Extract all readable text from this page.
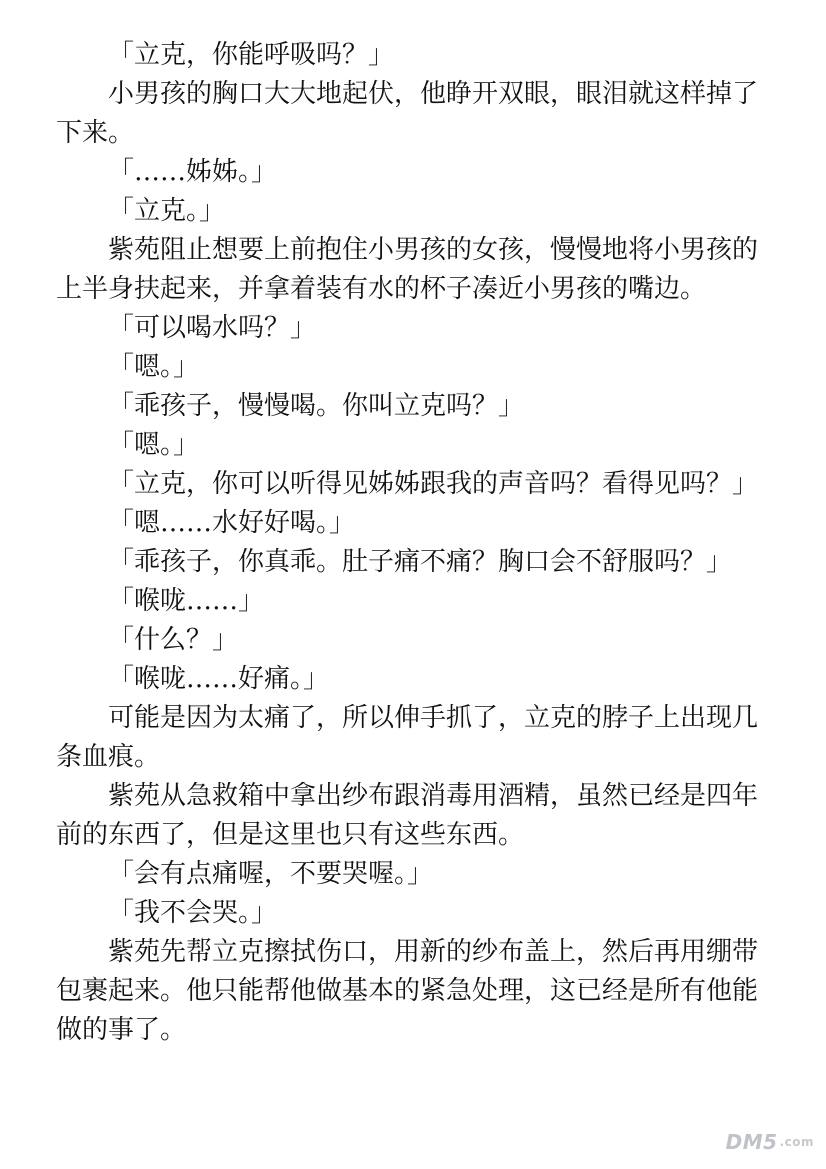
「立克，你能呼吸吗？」

小男孩的胸口大大地起伏，他睁开双眼，眼泪就这样掉了下来。

「……姊姊。」

「立克。」

紫苑阻止想要上前抱住小男孩的女孩，慢慢地将小男孩的上半身扶起来，并拿着装有水的杯子凑近小男孩的嘴边。

「可以喝水吗？」

「嗯。」

「乖孩子，慢慢喝。你叫立克吗？」

「嗯。」

「立克，你可以听得见姊姊跟我的声音吗？看得见吗？」

「嗯……水好好喝。」

「乖孩子，你真乖。肚子痛不痛？胸口会不舒服吗？」

「喉咙……」

「什么？」

「喉咙……好痛。」

可能是因为太痛了，所以伸手抓了，立克的脖子上出现几条血痕。

紫苑从急救箱中拿出纱布跟消毒用酒精，虽然已经是四年前的东西了，但是这里也只有这些东西。

「会有点痛喔，不要哭喔。」

「我不会哭。」

紫苑先帮立克擦拭伤口，用新的纱布盖上，然后再用绷带包裹起来。他只能帮他做基本的紧急处理，这已经是所有他能做的事了。

DM5 .com
